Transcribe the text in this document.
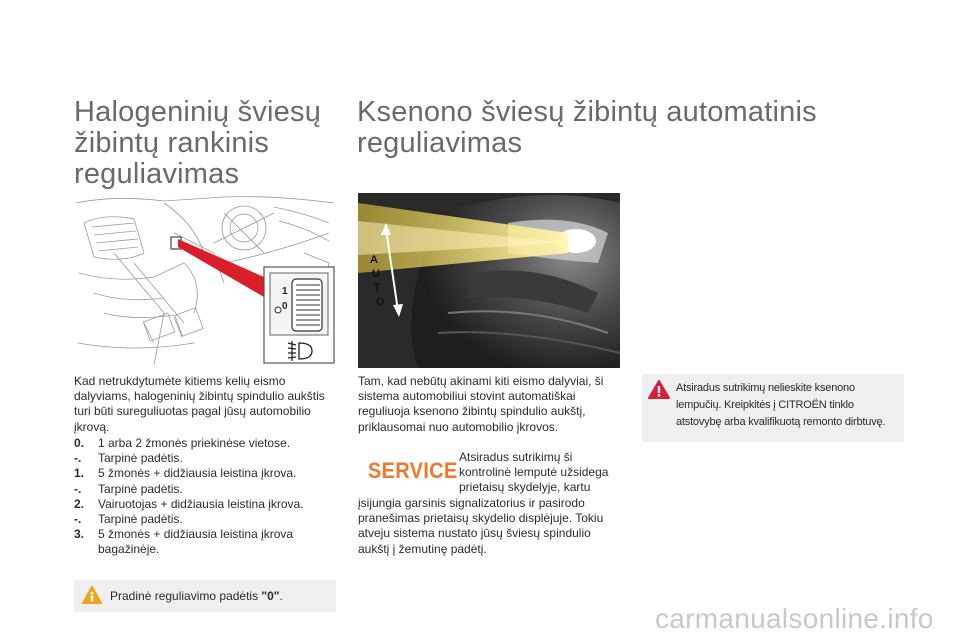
Halogeninių šviesų
žibintų rankinis
reguliavimas
Ksenono šviesų žibintų automatinis
reguliavimas
1
0
A
U
T
O
Kad netrukdytumėte kitiems kelių eismo dalyviams, halogeninių žibintų spindulio aukštis turi būti sureguliuotas pagal jūsų automobilio įkrovą.
0.	1 arba 2 žmonės priekinėse vietose.
-.	Tarpinė padėtis.
1.	5 žmonės + didžiausia leistina įkrova.
-.	Tarpinė padėtis.
2.	Vairuotojas + didžiausia leistina įkrova.
-.	Tarpinė padėtis.
3.	5 žmonės + didžiausia leistina įkrova bagažinėje.
Pradinė reguliavimo padėtis "0".
Tam, kad nebūtų akinami kiti eismo dalyviai, ši sistema automobiliui stovint automatiškai reguliuoja ksenono žibintų spindulio aukštį, priklausomai nuo automobilio įkrovos.
SERVICE
Atsiradus sutrikimų ši
kontrolinė lemputė užsidega
prietaisų skydelyje, kartu
įsijungia garsinis signalizatorius ir pasirodo pranešimas prietaisų skydelio displėjuje. Tokiu atveju sistema nustato jūsų šviesų spindulio aukštį į žemutinę padėtį.
Atsiradus sutrikimų nelieskite ksenono lempučių. Kreipkitės į CITROËN tinklo atstovybę arba kvalifikuotą remonto dirbtuvę.
carmanualsonline.info
